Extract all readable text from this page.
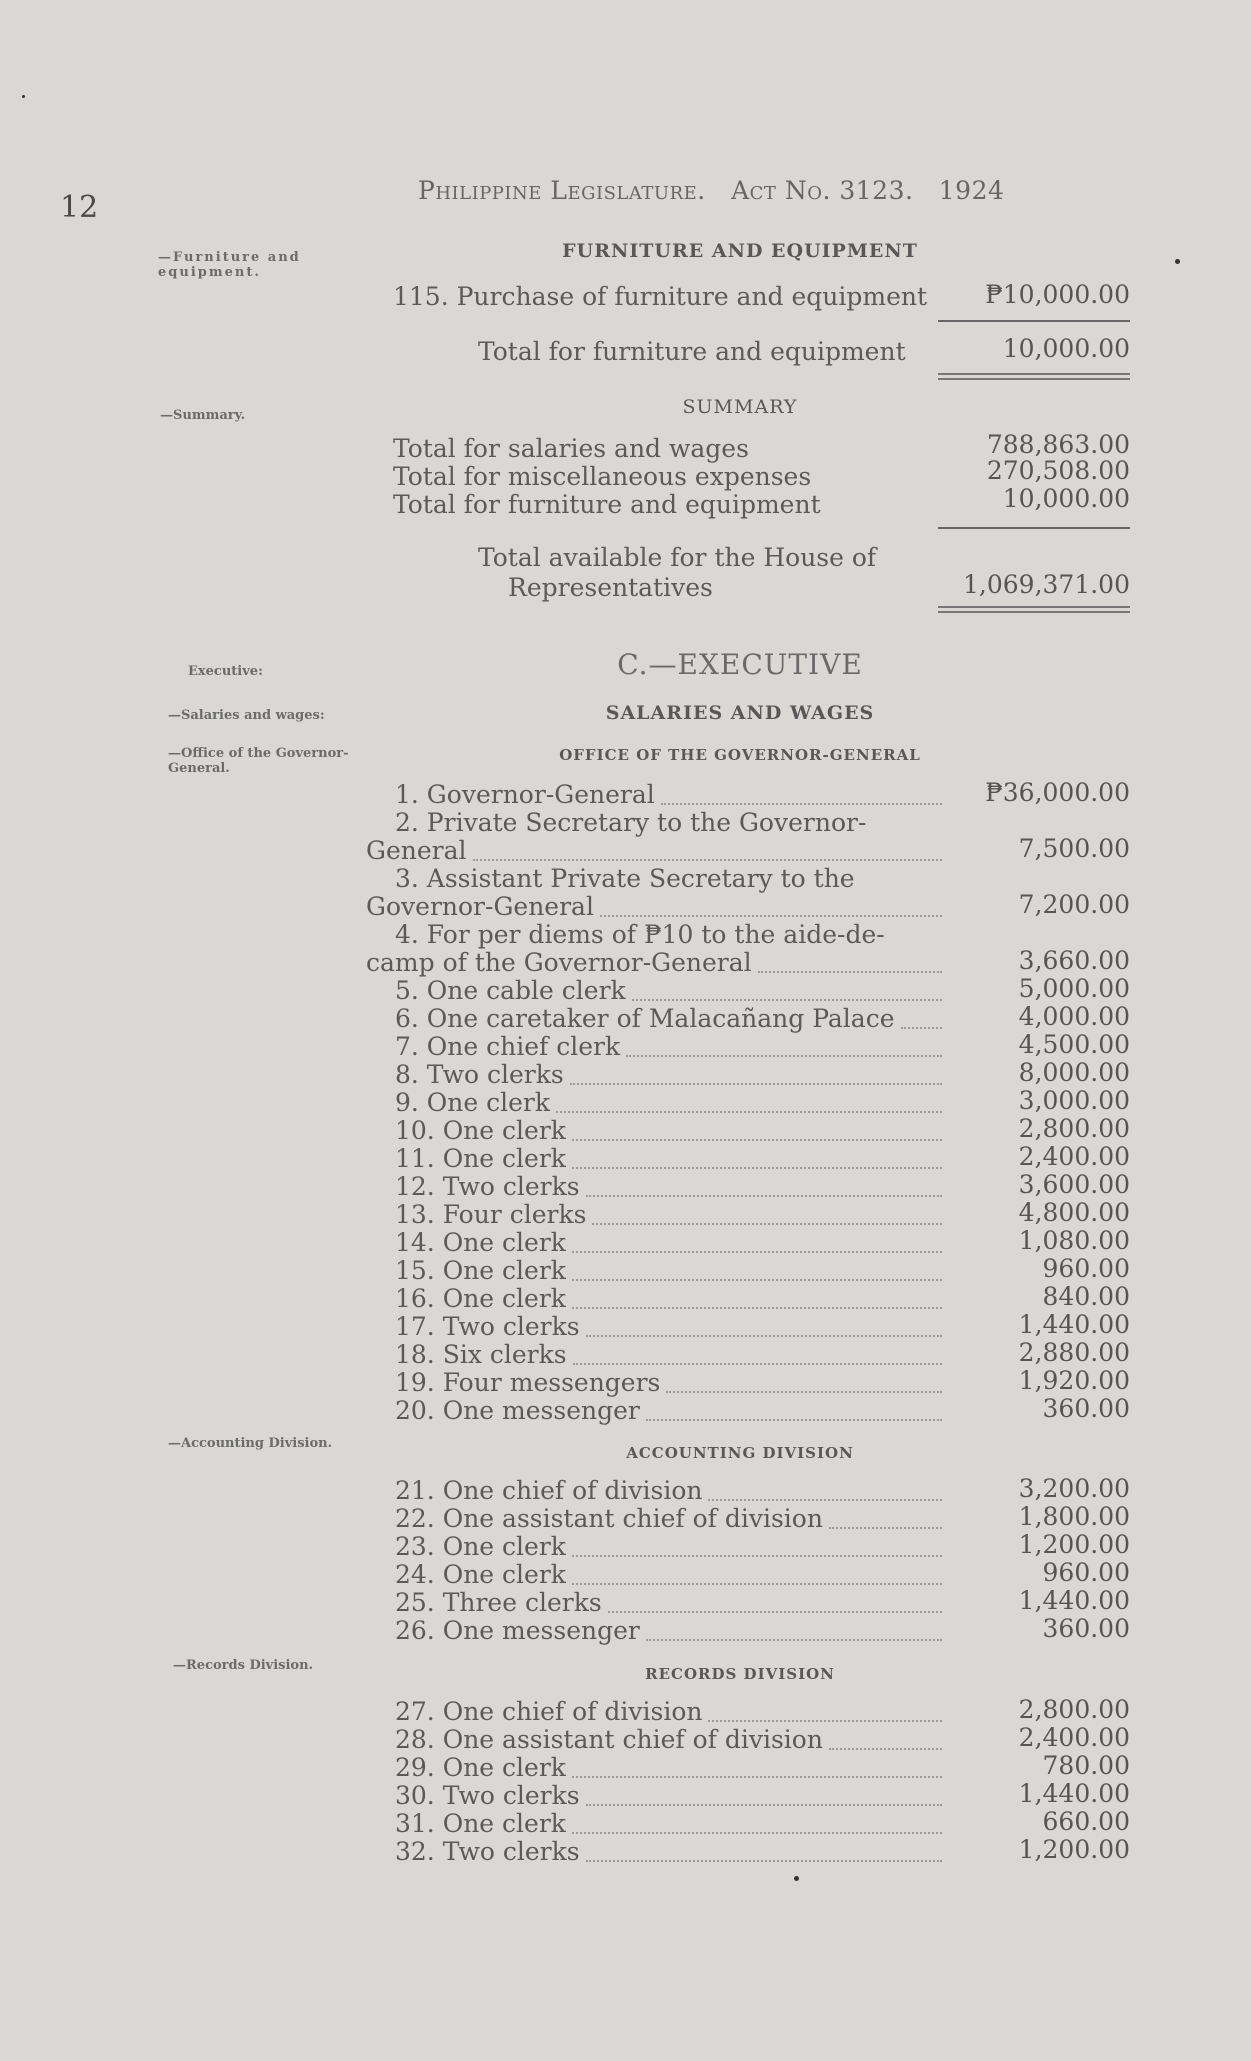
12	Philippine Legislature. Act No. 3123. 1924
—Furniture and equipment.
—Summary.
Executive:
—Salaries and wages:
—Office of the Governor-General.
—Accounting Division.
—Records Division.
FURNITURE AND EQUIPMENT
115. Purchase of furniture and equipment	₱10,000.00
Total for furniture and equipment	10,000.00
SUMMARY
Total for salaries and wages	788,863.00
Total for miscellaneous expenses	270,508.00
Total for furniture and equipment	10,000.00
Total available for the House of
Representatives	1,069,371.00
C.—EXECUTIVE
SALARIES AND WAGES
OFFICE OF THE GOVERNOR-GENERAL
1. Governor-General	₱36,000.00
2. Private Secretary to the Governor-
General	7,500.00
3. Assistant Private Secretary to the
Governor-General	7,200.00
4. For per diems of ₱10 to the aide-de-
camp of the Governor-General	3,660.00
5. One cable clerk	5,000.00
6. One caretaker of Malacañang Palace	4,000.00
7. One chief clerk	4,500.00
8. Two clerks	8,000.00
9. One clerk	3,000.00
10. One clerk	2,800.00
11. One clerk	2,400.00
12. Two clerks	3,600.00
13. Four clerks	4,800.00
14. One clerk	1,080.00
15. One clerk	960.00
16. One clerk	840.00
17. Two clerks	1,440.00
18. Six clerks	2,880.00
19. Four messengers	1,920.00
20. One messenger	360.00
ACCOUNTING DIVISION
21. One chief of division	3,200.00
22. One assistant chief of division	1,800.00
23. One clerk	1,200.00
24. One clerk	960.00
25. Three clerks	1,440.00
26. One messenger	360.00
RECORDS DIVISION
27. One chief of division	2,800.00
28. One assistant chief of division	2,400.00
29. One clerk	780.00
30. Two clerks	1,440.00
31. One clerk	660.00
32. Two clerks	1,200.00
